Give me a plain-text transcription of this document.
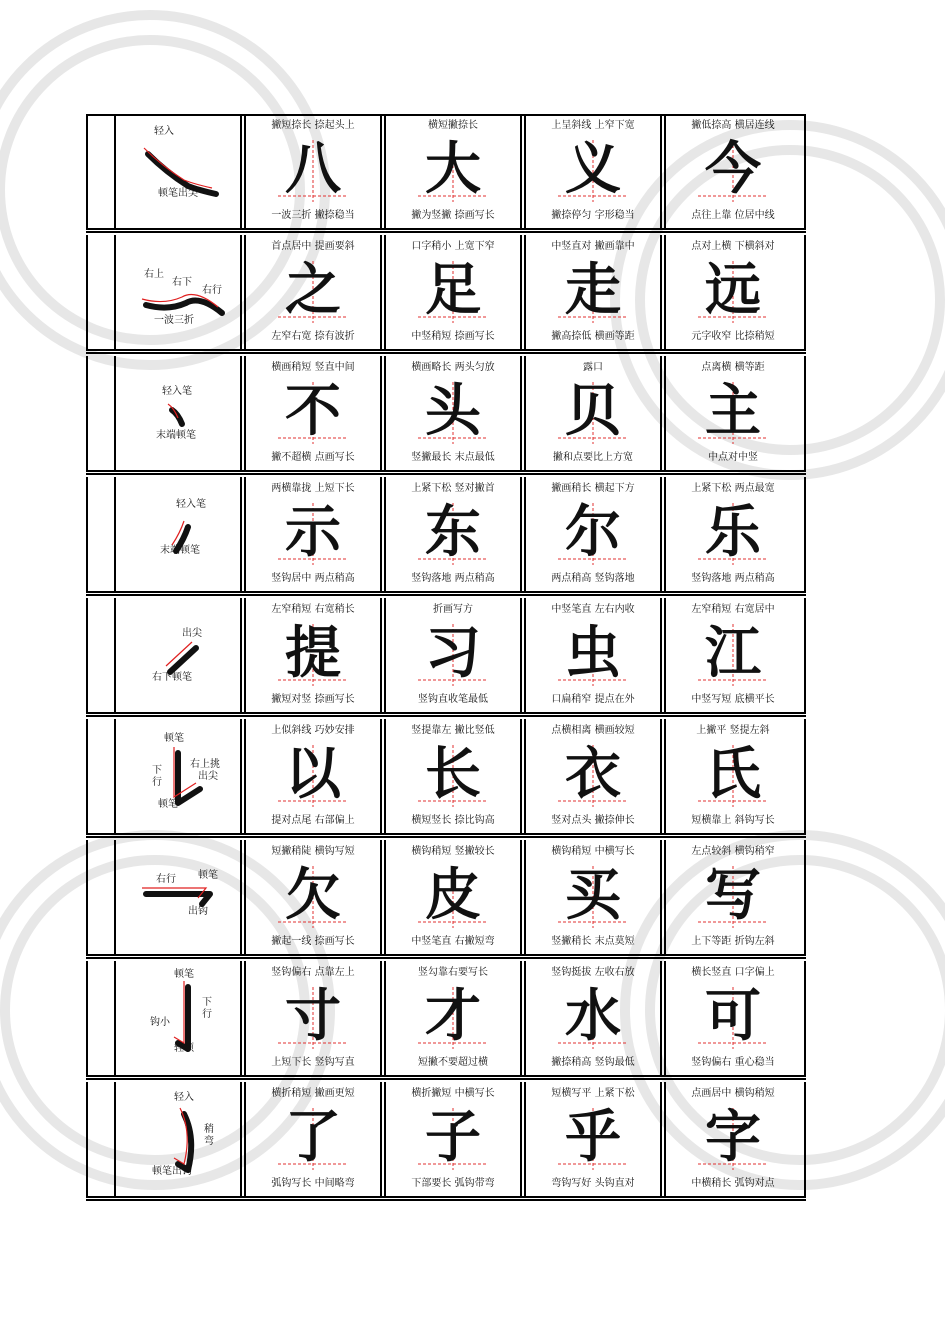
轻入
顿笔出尖
撇短捺长 捺起头上
八
一波三折 撇捺稳当
横短撇捺长
大
撇为竖撇 捺画写长
上呈斜线 上窄下宽
义
撇捺停匀 字形稳当
撇低捺高 横居连线
今
点往上靠 位居中线
右上
右下
右行
一波三折
首点居中 提画要斜
之
左窄右宽 捺有波折
口字稍小 上宽下窄
足
中竖稍短 捺画写长
中竖直对 撇画靠中
走
撇高捺低 横画等距
点对上横 下横斜对
远
元字收窄 比捺稍短
轻入笔
末端顿笔
横画稍短 竖直中间
不
撇不超横 点画写长
横画略长 两头匀放
头
竖撇最长 末点最低
露口
贝
撇和点要比上方宽
点离横 横等距
主
中点对中竖
轻入笔
末端顿笔
两横靠拢 上短下长
示
竖钩居中 两点稍高
上紧下松 竖对撇首
东
竖钩落地 两点稍高
撇画稍长 横起下方
尔
两点稍高 竖钩落地
上紧下松 两点最宽
乐
竖钩落地 两点稍高
出尖
右下顿笔
左窄稍短 右宽稍长
提
撇短对竖 捺画写长
折画写方
习
竖钩直收笔最低
中竖笔直 左右内收
虫
口扁稍窄 提点在外
左窄稍短 右宽居中
江
中竖写短 底横平长
顿笔
下
行
右上挑
出尖
顿笔
上似斜线 巧妙安排
以
提对点尾 右部偏上
竖提靠左 撇比竖低
长
横短竖长 捺比钩高
点横相离 横画较短
衣
竖对点头 撇捺伸长
上撇平 竖提左斜
氏
短横靠上 斜钩写长
右行 顿笔
出钩
短撇稍陡 横钩写短
欠
撇起一线 捺画写长
横钩稍短 竖撇较长
皮
中竖笔直 右撇短弯
横钩稍短 中横写长
买
竖撇稍长 末点莫短
左点较斜 横钩稍窄
写
上下等距 折钩左斜
顿笔
下
行
钩小
轻顿
竖钩偏右 点靠左上
寸
上短下长 竖钩写直
竖勾靠右要写长
才
短撇不要超过横
竖钩挺拔 左收右放
水
撇捺稍高 竖钩最低
横长竖直 口字偏上
可
竖钩偏右 重心稳当
轻入
稍
弯
顿笔出钩
横折稍短 撇画更短
了
弧钩写长 中间略弯
横折撇短 中横写长
子
下部要长 弧钩带弯
短横写平 上紧下松
乎
弯钩写好 头钩直对
点画居中 横钩稍短
字
中横稍长 弧钩对点
